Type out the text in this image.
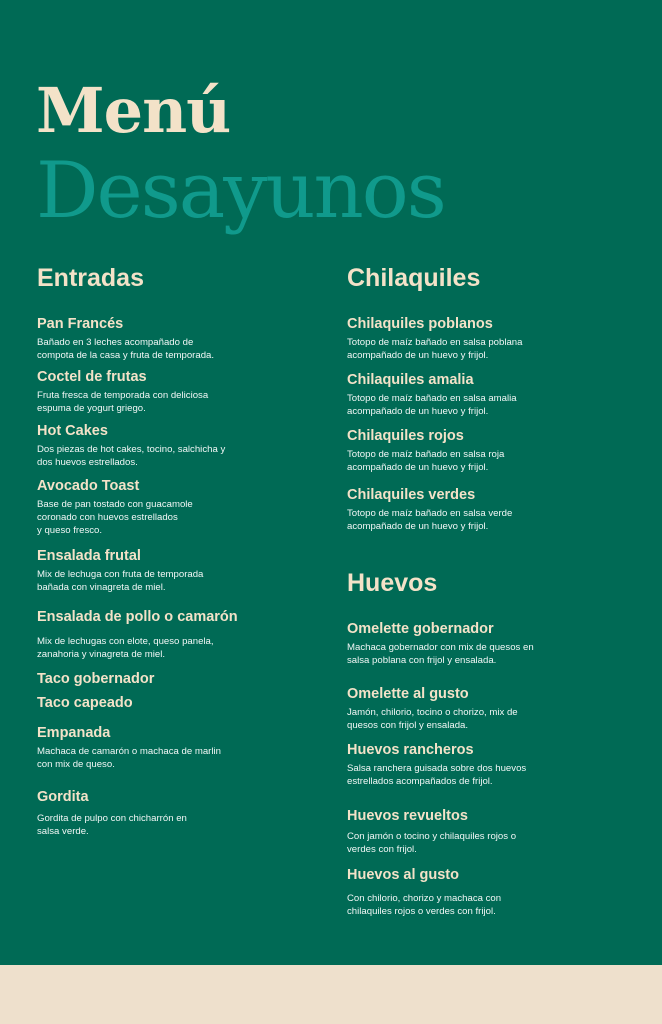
Menú
Desayunos
Entradas
Pan Francés
Bañado en 3 leches acompañado de
compota de la casa y fruta de temporada.
Coctel de frutas
Fruta fresca de temporada con deliciosa
espuma de yogurt griego.
Hot Cakes
Dos piezas de hot cakes, tocino, salchicha y
dos huevos estrellados.
Avocado Toast
Base de pan tostado con guacamole
coronado con huevos estrellados
y queso fresco.
Ensalada frutal
Mix de lechuga con fruta de temporada
bañada con vinagreta de miel.
Ensalada de pollo o camarón
Mix de lechugas con elote, queso panela,
zanahoria y vinagreta de miel.
Taco gobernador
Taco capeado
Empanada
Machaca de camarón o machaca de marlin
con mix de queso.
Gordita
Gordita de pulpo con chicharrón en
salsa verde.
Chilaquiles
Chilaquiles poblanos
Totopo de maíz bañado en salsa poblana
acompañado de un huevo y frijol.
Chilaquiles amalia
Totopo de maíz bañado en salsa amalia
acompañado de un huevo y frijol.
Chilaquiles rojos
Totopo de maíz bañado en salsa roja
acompañado de un huevo y frijol.
Chilaquiles verdes
Totopo de maíz bañado en salsa verde
acompañado de un huevo y frijol.
Huevos
Omelette gobernador
Machaca gobernador con mix de quesos en
salsa poblana con frijol y ensalada.
Omelette al gusto
Jamón, chilorio, tocino o chorizo, mix de
quesos con frijol y ensalada.
Huevos rancheros
Salsa ranchera guisada sobre dos huevos
estrellados acompañados de frijol.
Huevos revueltos
Con jamón o tocino y chilaquiles rojos o
verdes con frijol.
Huevos al gusto
Con chilorio, chorizo y machaca con
chilaquiles rojos o verdes con frijol.
